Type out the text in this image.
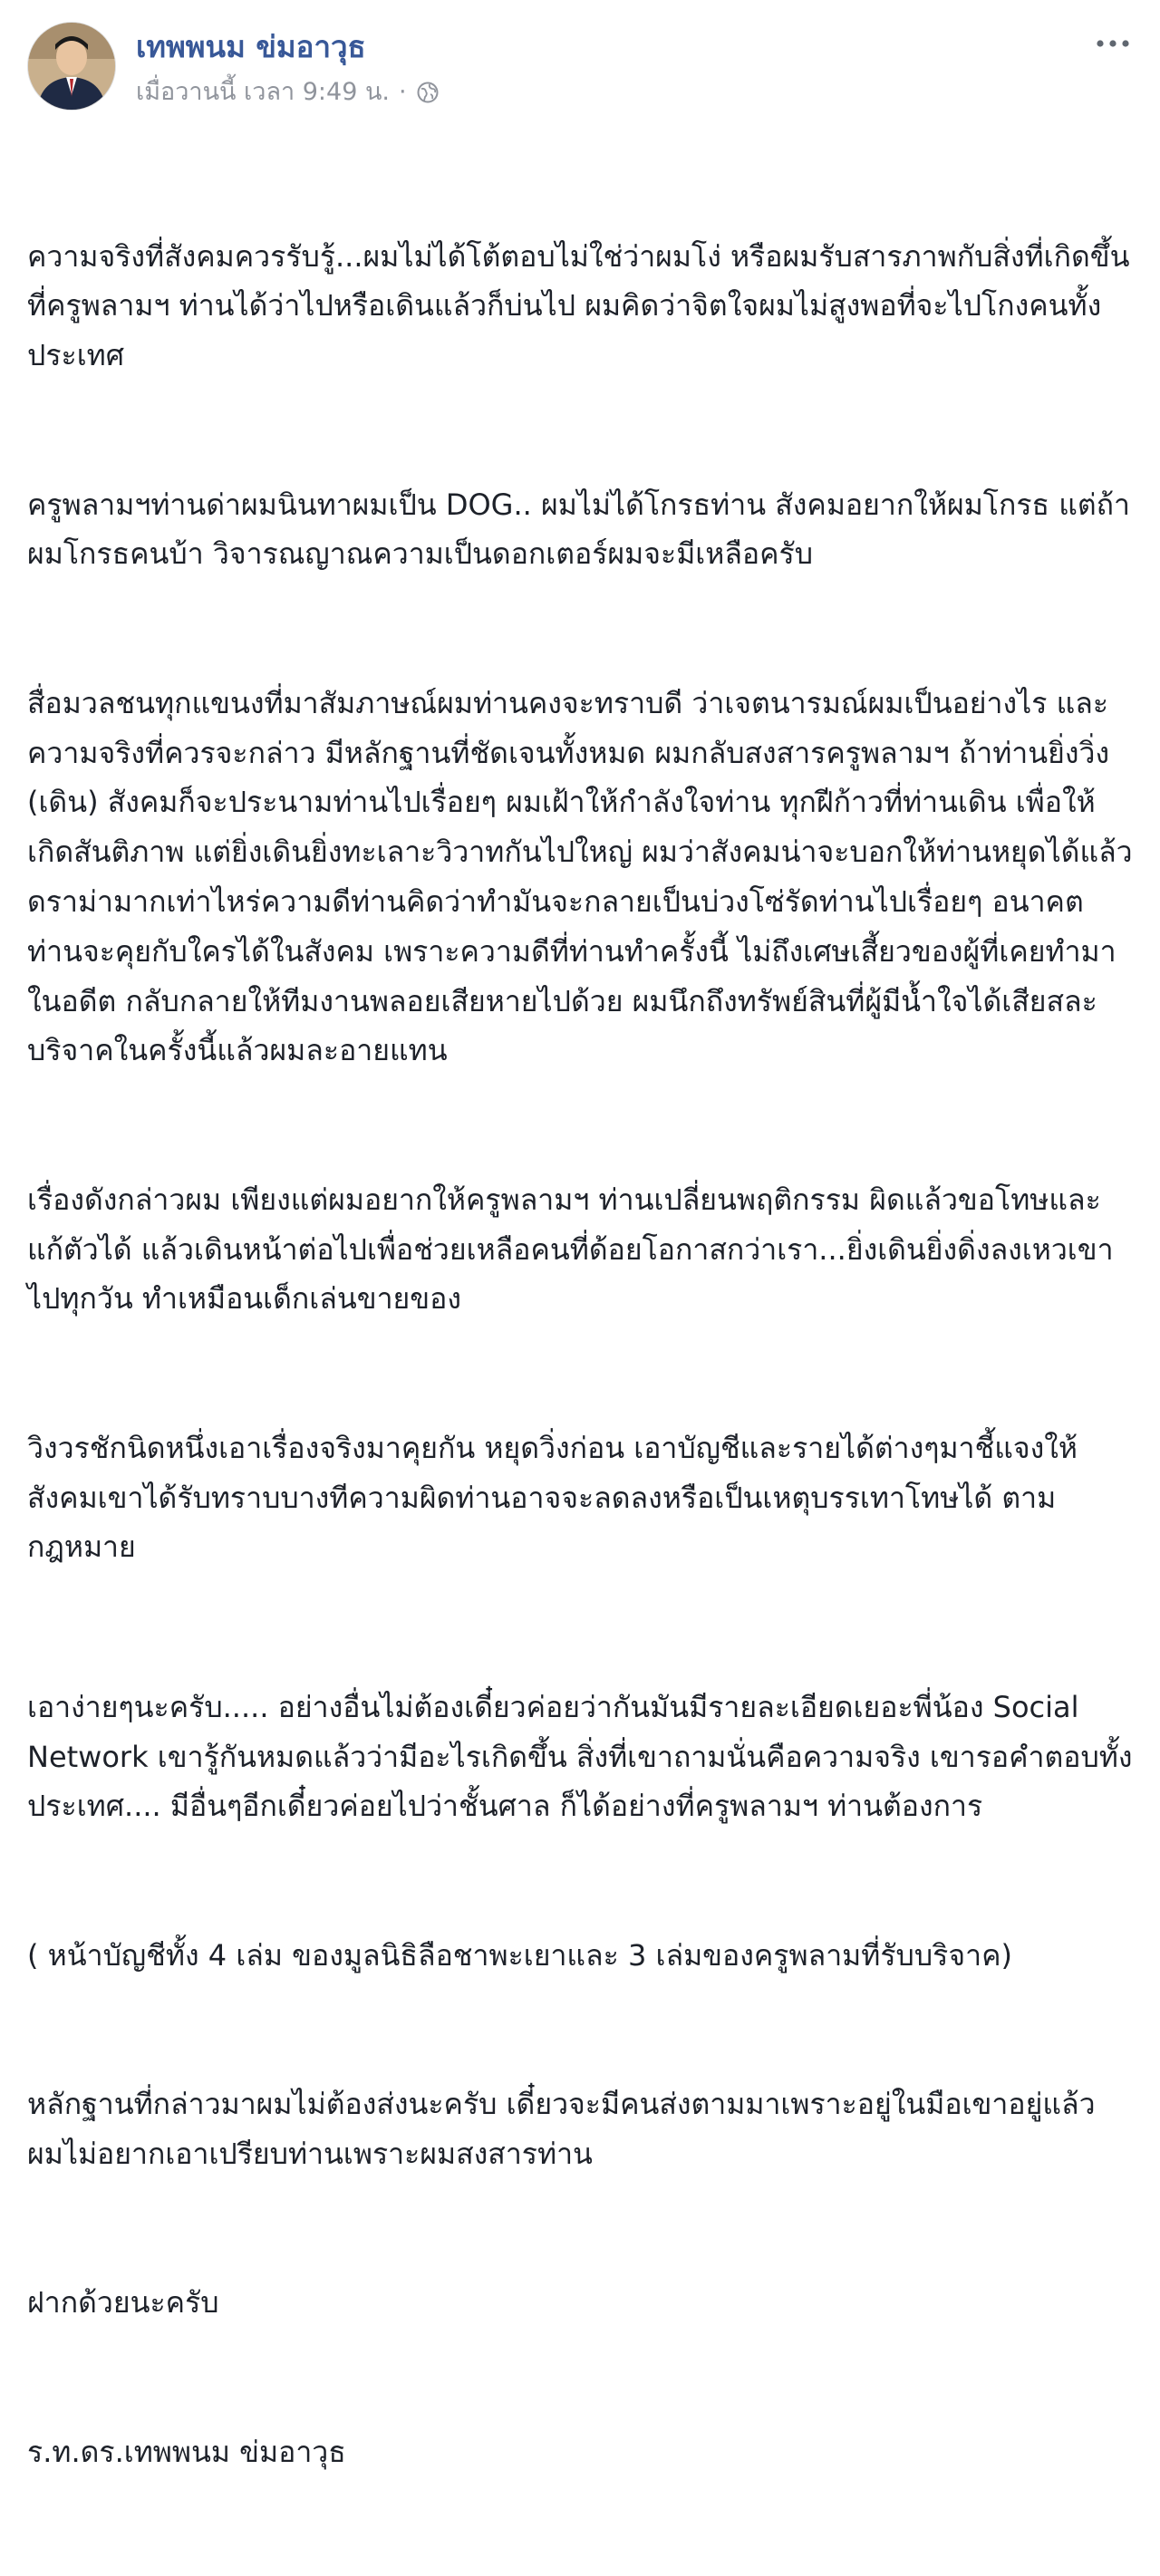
เทพพนม ข่มอาวุธ
เมื่อวานนี้ เวลา 9:49 น. ·

ความจริงที่สังคมควรรับรู้...ผมไม่ได้โต้ตอบไม่ใช่ว่าผมโง่ หรือผมรับสารภาพกับสิ่งที่เกิดขึ้น ที่ครูพลามฯ ท่านได้ว่าไปหรือเดินแล้วก็บ่นไป ผมคิดว่าจิตใจผมไม่สูงพอที่จะไปโกงคนทั้งประเทศ

ครูพลามฯท่านด่าผมนินทาผมเป็น DOG.. ผมไม่ได้โกรธท่าน สังคมอยากให้ผมโกรธ แต่ถ้าผมโกรธคนบ้า วิจารณญาณความเป็นดอกเตอร์ผมจะมีเหลือครับ

สื่อมวลชนทุกแขนงที่มาสัมภาษณ์ผมท่านคงจะทราบดี ว่าเจตนารมณ์ผมเป็นอย่างไร และความจริงที่ควรจะกล่าว มีหลักฐานที่ชัดเจนทั้งหมด ผมกลับสงสารครูพลามฯ ถ้าท่านยิ่งวิ่ง (เดิน) สังคมก็จะประนามท่านไปเรื่อยๆ ผมเฝ้าให้กำลังใจท่าน ทุกฝีก้าวที่ท่านเดิน เพื่อให้เกิดสันติภาพ แต่ยิ่งเดินยิ่งทะเลาะวิวาทกันไปใหญ่ ผมว่าสังคมน่าจะบอกให้ท่านหยุดได้แล้ว ดราม่ามากเท่าไหร่ความดีท่านคิดว่าทำมันจะกลายเป็นบ่วงโซ่รัดท่านไปเรื่อยๆ อนาคตท่านจะคุยกับใครได้ในสังคม เพราะความดีที่ท่านทำครั้งนี้ ไม่ถึงเศษเสี้ยวของผู้ที่เคยทำมาในอดีต กลับกลายให้ทีมงานพลอยเสียหายไปด้วย ผมนึกถึงทรัพย์สินที่ผู้มีน้ำใจได้เสียสละบริจาคในครั้งนี้แล้วผมละอายแทน

เรื่องดังกล่าวผม เพียงแต่ผมอยากให้ครูพลามฯ ท่านเปลี่ยนพฤติกรรม ผิดแล้วขอโทษและแก้ตัวได้ แล้วเดินหน้าต่อไปเพื่อช่วยเหลือคนที่ด้อยโอกาสกว่าเรา...ยิ่งเดินยิ่งดิ่งลงเหวเขาไปทุกวัน ทำเหมือนเด็กเล่นขายของ

วิงวรชักนิดหนึ่งเอาเรื่องจริงมาคุยกัน หยุดวิ่งก่อน เอาบัญชีและรายได้ต่างๆมาชี้แจงให้สังคมเขาได้รับทราบบางทีความผิดท่านอาจจะลดลงหรือเป็นเหตุบรรเทาโทษได้ ตามกฎหมาย

เอาง่ายๆนะครับ..... อย่างอื่นไม่ต้องเดี๋ยวค่อยว่ากันมันมีรายละเอียดเยอะพี่น้อง Social Network เขารู้กันหมดแล้วว่ามีอะไรเกิดขึ้น สิ่งที่เขาถามนั่นคือความจริง เขารอคำตอบทั้งประเทศ.... มีอื่นๆอีกเดี๋ยวค่อยไปว่าชั้นศาล ก็ได้อย่างที่ครูพลามฯ ท่านต้องการ

( หน้าบัญชีทั้ง 4 เล่ม ของมูลนิธิลือชาพะเยาและ 3 เล่มของครูพลามที่รับบริจาค)

หลักฐานที่กล่าวมาผมไม่ต้องส่งนะครับ เดี๋ยวจะมีคนส่งตามมาเพราะอยู่ในมือเขาอยู่แล้ว ผมไม่อยากเอาเปรียบท่านเพราะผมสงสารท่าน

ฝากด้วยนะครับ

ร.ท.ดร.เทพพนม ข่มอาวุธ
